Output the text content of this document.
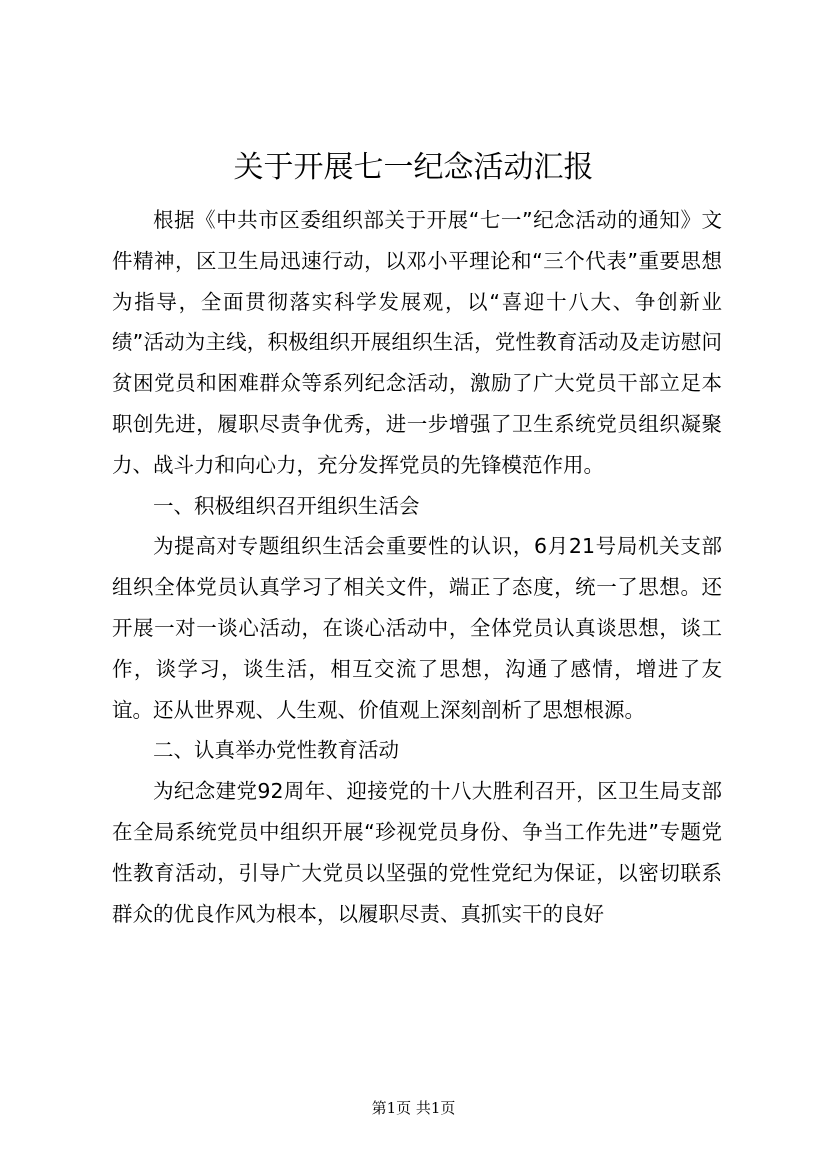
关于开展七一纪念活动汇报

根据《中共市区委组织部关于开展“七一”纪念活动的通知》文件精神，区卫生局迅速行动，以邓小平理论和“三个代表”重要思想为指导，全面贯彻落实科学发展观，以“喜迎十八大、争创新业绩”活动为主线，积极组织开展组织生活，党性教育活动及走访慰问贫困党员和困难群众等系列纪念活动，激励了广大党员干部立足本职创先进，履职尽责争优秀，进一步增强了卫生系统党员组织凝聚力、战斗力和向心力，充分发挥党员的先锋模范作用。

一、积极组织召开组织生活会

为提高对专题组织生活会重要性的认识，6月21号局机关支部组织全体党员认真学习了相关文件，端正了态度，统一了思想。还开展一对一谈心活动，在谈心活动中，全体党员认真谈思想，谈工作，谈学习，谈生活，相互交流了思想，沟通了感情，增进了友谊。还从世界观、人生观、价值观上深刻剖析了思想根源。

二、认真举办党性教育活动

为纪念建党92周年、迎接党的十八大胜利召开，区卫生局支部在全局系统党员中组织开展“珍视党员身份、争当工作先进”专题党性教育活动，引导广大党员以坚强的党性党纪为保证，以密切联系群众的优良作风为根本，以履职尽责、真抓实干的良好

第1页 共1页
